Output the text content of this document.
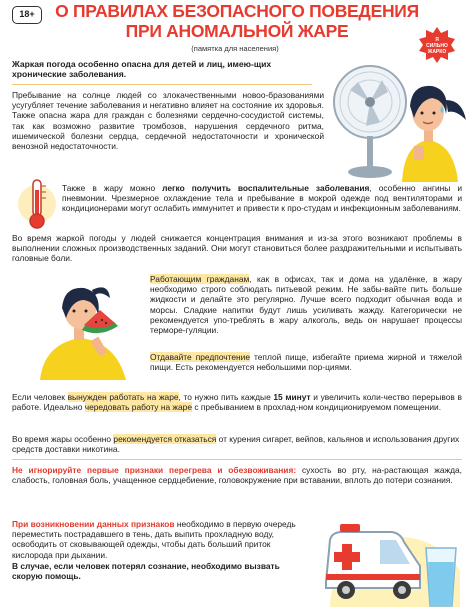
18+	О ПРАВИЛАХ БЕЗОПАСНОГО ПОВЕДЕНИЯ
ПРИ АНОМАЛЬНОЙ ЖАРЕ
(памятка для населения)
Я
СИЛЬНО
ЖАРКО
Жаркая погода особенно опасна для детей и лиц, имею-щих хронические заболевания.
Пребывание на солнце людей со злокачественными новоо-бразованиями усугубляет течение заболевания и негативно влияет на состояние их здоровья. Также опасна жара для граждан с болезнями сердечно-сосудистой системы, так как возможно развитие тромбозов, нарушения сердечного ритма, ишемической болезни сердца, сердечной недостаточности и хронической венозной недостаточности.
Также в жару можно легко получить воспалительные заболевания, особенно ангины и пневмонии. Чрезмерное охлаждение тела и пребывание в мокрой одежде под вентиляторами и кондиционерами могут ослабить иммунитет и привести к про-студам и инфекционным заболеваниям.
Во время жаркой погоды у людей снижается концентрация внимания и из-за этого возникают проблемы в выполнении сложных производственных заданий. Они могут становиться более раздражительными и испытывать головные боли.
Работающим гражданам, как в офисах, так и дома на удалёнке, в жару необходимо строго соблюдать питьевой режим. Не забы-вайте пить больше жидкости и делайте это регулярно. Лучше всего подходит обычная вода и морсы. Сладкие напитки будут лишь усиливать жажду. Категорически не рекомендуется упо-треблять в жару алкоголь, ведь он нарушает процессы терморе-гуляции.
Отдавайте предпочтение теплой пище, избегайте приема жирной и тяжелой пищи. Есть рекомендуется небольшими пор-циями.
Если человек вынужден работать на жаре, то нужно пить каждые 15 минут и увеличить коли-чество перерывов в работе. Идеально чередовать работу на жаре с пребыванием в прохлад-ном кондиционируемом помещении.
Во время жары особенно рекомендуется отказаться от курения сигарет, вейпов, кальянов и использования других средств доставки никотина.
Не игнорируйте первые признаки перегрева и обезвоживания: сухость во рту, на-растающая жажда, слабость, головная боль, учащенное сердцебиение, головокружение при вставании, вплоть до потери сознания.
При возникновении данных признаков необходимо в первую очередь переместить пострадавшего в тень, дать выпить прохладную воду, освободить от сковывающей одежды, чтобы дать больший приток кислорода при дыхании.
В случае, если человек потерял сознание, необходимо вызвать скорую помощь.
